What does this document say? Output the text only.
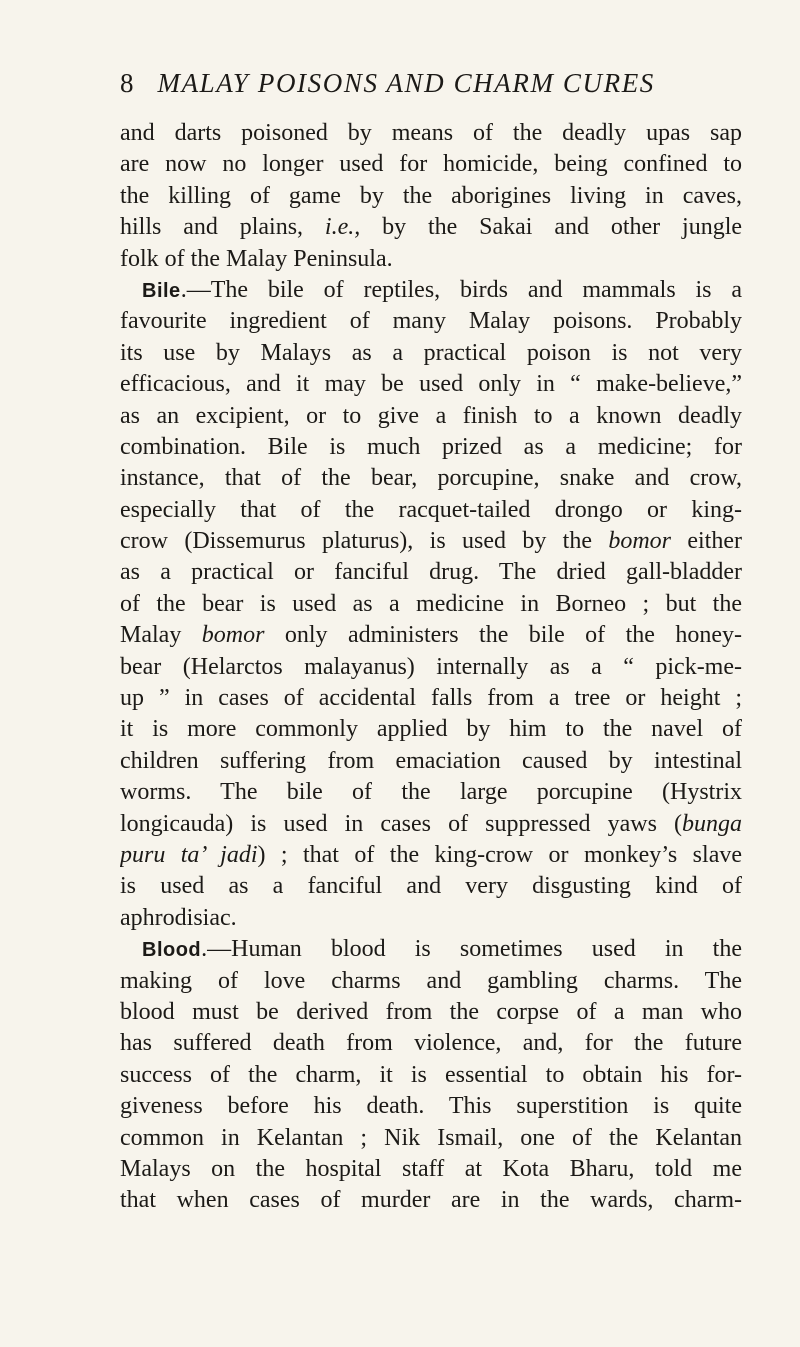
8 MALAY POISONS AND CHARM CURES
and darts poisoned by means of the deadly upas sap
are now no longer used for homicide, being confined to
the killing of game by the aborigines living in caves,
hills and plains, i.e., by the Sakai and other jungle
folk of the Malay Peninsula.
Bile.—The bile of reptiles, birds and mammals is a
favourite ingredient of many Malay poisons. Probably
its use by Malays as a practical poison is not very
efficacious, and it may be used only in “ make-believe,”
as an excipient, or to give a finish to a known deadly
combination. Bile is much prized as a medicine; for
instance, that of the bear, porcupine, snake and crow,
especially that of the racquet-tailed drongo or king-
crow (Dissemurus platurus), is used by the bomor either
as a practical or fanciful drug. The dried gall-bladder
of the bear is used as a medicine in Borneo ; but the
Malay bomor only administers the bile of the honey-
bear (Helarctos malayanus) internally as a “ pick-me-
up ” in cases of accidental falls from a tree or height ;
it is more commonly applied by him to the navel of
children suffering from emaciation caused by intestinal
worms. The bile of the large porcupine (Hystrix
longicauda) is used in cases of suppressed yaws (bunga
puru ta’ jadi) ; that of the king-crow or monkey’s slave
is used as a fanciful and very disgusting kind of
aphrodisiac.
Blood.—Human blood is sometimes used in the
making of love charms and gambling charms. The
blood must be derived from the corpse of a man who
has suffered death from violence, and, for the future
success of the charm, it is essential to obtain his for-
giveness before his death. This superstition is quite
common in Kelantan ; Nik Ismail, one of the Kelantan
Malays on the hospital staff at Kota Bharu, told me
that when cases of murder are in the wards, charm-
